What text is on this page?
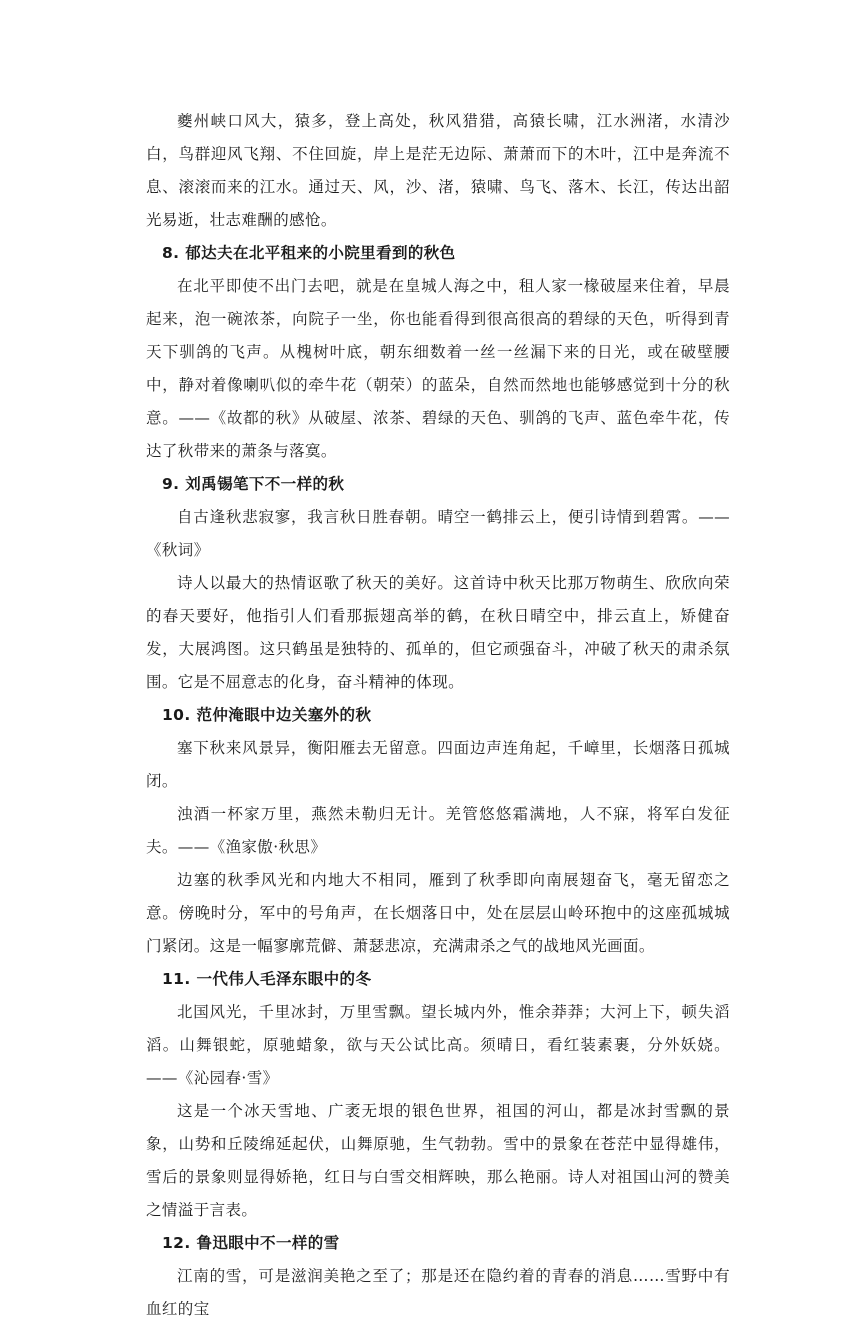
夔州峡口风大，猿多，登上高处，秋风猎猎，高猿长啸，江水洲渚，水清沙白，鸟群迎风飞翔、不住回旋，岸上是茫无边际、萧萧而下的木叶，江中是奔流不息、滚滚而来的江水。通过天、风，沙、渚，猿啸、鸟飞、落木、长江，传达出韶光易逝，壮志难酬的感怆。

8. 郁达夫在北平租来的小院里看到的秋色

在北平即使不出门去吧，就是在皇城人海之中，租人家一椽破屋来住着，早晨起来，泡一碗浓茶，向院子一坐，你也能看得到很高很高的碧绿的天色，听得到青天下驯鸽的飞声。从槐树叶底，朝东细数着一丝一丝漏下来的日光，或在破壁腰中，静对着像喇叭似的牵牛花（朝荣）的蓝朵，自然而然地也能够感觉到十分的秋意。——《故都的秋》从破屋、浓茶、碧绿的天色、驯鸽的飞声、蓝色牵牛花，传达了秋带来的萧条与落寞。

9. 刘禹锡笔下不一样的秋

自古逢秋悲寂寥，我言秋日胜春朝。晴空一鹤排云上，便引诗情到碧霄。——《秋词》

诗人以最大的热情讴歌了秋天的美好。这首诗中秋天比那万物萌生、欣欣向荣的春天要好，他指引人们看那振翅高举的鹤，在秋日晴空中，排云直上，矫健奋发，大展鸿图。这只鹤虽是独特的、孤单的，但它顽强奋斗，冲破了秋天的肃杀氛围。它是不屈意志的化身，奋斗精神的体现。

10. 范仲淹眼中边关塞外的秋

塞下秋来风景异，衡阳雁去无留意。四面边声连角起，千嶂里，长烟落日孤城闭。

浊酒一杯家万里，燕然未勒归无计。羌管悠悠霜满地，人不寐，将军白发征夫。——《渔家傲·秋思》

边塞的秋季风光和内地大不相同，雁到了秋季即向南展翅奋飞，毫无留恋之意。傍晚时分，军中的号角声，在长烟落日中，处在层层山岭环抱中的这座孤城城门紧闭。这是一幅寥廓荒僻、萧瑟悲凉，充满肃杀之气的战地风光画面。

11. 一代伟人毛泽东眼中的冬

北国风光，千里冰封，万里雪飘。望长城内外，惟余莽莽；大河上下，顿失滔滔。山舞银蛇，原驰蜡象，欲与天公试比高。须晴日，看红装素裹，分外妖娆。——《沁园春·雪》

这是一个冰天雪地、广袤无垠的银色世界，祖国的河山，都是冰封雪飘的景象，山势和丘陵绵延起伏，山舞原驰，生气勃勃。雪中的景象在苍茫中显得雄伟，雪后的景象则显得娇艳，红日与白雪交相辉映，那么艳丽。诗人对祖国山河的赞美之情溢于言表。

12. 鲁迅眼中不一样的雪

江南的雪，可是滋润美艳之至了；那是还在隐约着的青春的消息……雪野中有血红的宝
